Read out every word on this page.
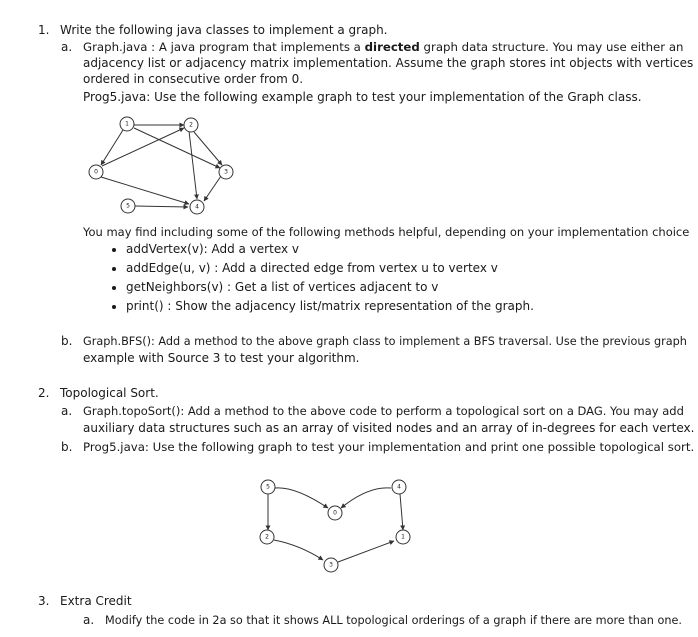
1. Write the following java classes to implement a graph.
a. Graph.java : A java program that implements a directed graph data structure. You may use either an
adjacency list or adjacency matrix implementation. Assume the graph stores int objects with vertices
ordered in consecutive order from 0.
Prog5.java: Use the following example graph to test your implementation of the Graph class.
0
1	2
3
4
5
You may find including some of the following methods helpful, depending on your implementation choice
addVertex(v): Add a vertex v
addEdge(u, v) : Add a directed edge from vertex u to vertex v
getNeighbors(v) : Get a list of vertices adjacent to v
print() : Show the adjacency list/matrix representation of the graph.
b. Graph.BFS(): Add a method to the above graph class to implement a BFS traversal. Use the previous graph
example with Source 3 to test your algorithm.
2. Topological Sort.
a. Graph.topoSort(): Add a method to the above code to perform a topological sort on a DAG. You may add
auxiliary data structures such as an array of visited nodes and an array of in-degrees for each vertex.
b. Prog5.java: Use the following graph to test your implementation and print one possible topological sort.
5
0
4
2
3
1
3. Extra Credit
a. Modify the code in 2a so that it shows ALL topological orderings of a graph if there are more than one.
